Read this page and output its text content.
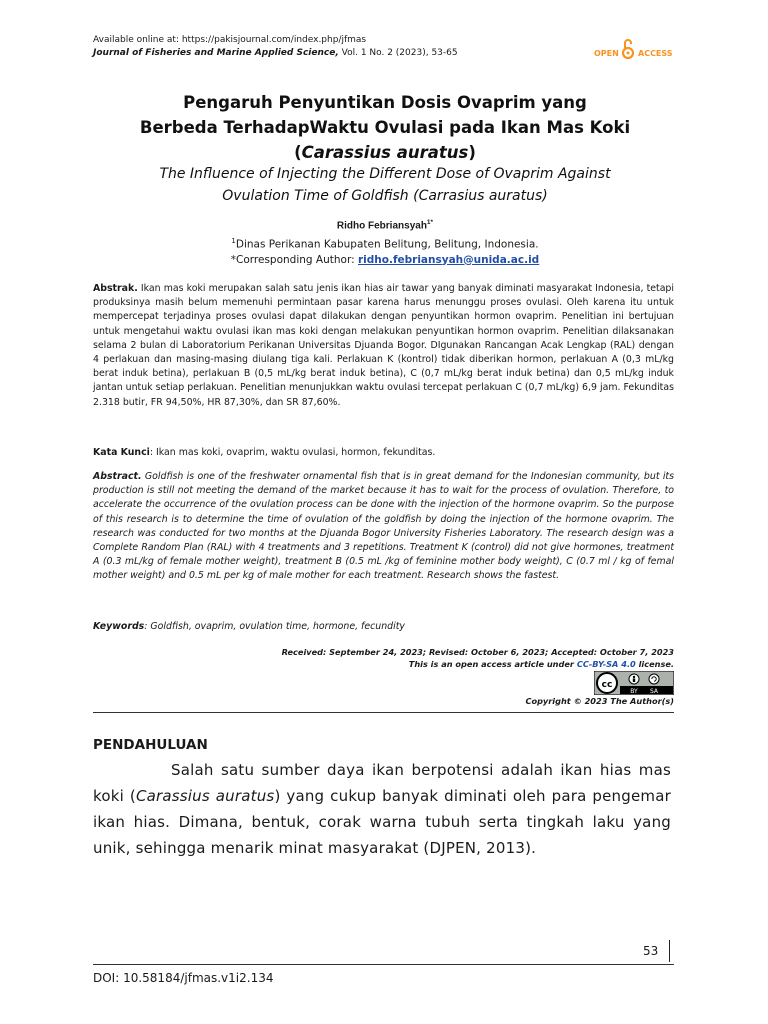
Available online at: https://pakisjournal.com/index.php/jfmas
Journal of Fisheries and Marine Applied Science, Vol. 1 No. 2 (2023), 53-65	OPEN ACCESS
Pengaruh Penyuntikan Dosis Ovaprim yang
Berbeda TerhadapWaktu Ovulasi pada Ikan Mas Koki
(Carassius auratus)
The Influence of Injecting the Different Dose of Ovaprim Against
Ovulation Time of Goldfish (Carrasius auratus)
Ridho Febriansyah$^{1*}$
$^1$Dinas Perikanan Kabupaten Belitung, Belitung, Indonesia.
*Corresponding Author: ridho.febriansyah@unida.ac.id
Abstrak. Ikan mas koki merupakan salah satu jenis ikan hias air tawar yang banyak diminati masyarakat Indonesia, tetapi produksinya masih belum memenuhi permintaan pasar karena harus menunggu proses ovulasi. Oleh karena itu untuk mempercepat terjadinya proses ovulasi dapat dilakukan dengan penyuntikan hormon ovaprim. Penelitian ini bertujuan untuk mengetahui waktu ovulasi ikan mas koki dengan melakukan penyuntikan hormon ovaprim. Penelitian dilaksanakan selama 2 bulan di Laboratorium Perikanan Universitas Djuanda Bogor. DIgunakan Rancangan Acak Lengkap (RAL) dengan 4 perlakuan dan masing-masing diulang tiga kali. Perlakuan K (kontrol) tidak diberikan hormon, perlakuan A (0,3 mL/kg berat induk betina), perlakuan B (0,5 mL/kg berat induk betina), C (0,7 mL/kg berat induk betina) dan 0,5 mL/kg induk jantan untuk setiap perlakuan. Penelitian menunjukkan waktu ovulasi tercepat perlakuan C (0,7 mL/kg) 6,9 jam. Fekunditas 2.318 butir, FR 94,50%, HR 87,30%, dan SR 87,60%.
Kata Kunci: Ikan mas koki, ovaprim, waktu ovulasi, hormon, fekunditas.
Abstract. Goldfish is one of the freshwater ornamental fish that is in great demand for the Indonesian community, but its production is still not meeting the demand of the market because it has to wait for the process of ovulation. Therefore, to accelerate the occurrence of the ovulation process can be done with the injection of the hormone ovaprim. So the purpose of this research is to determine the time of ovulation of the goldfish by doing the injection of the hormone ovaprim. The research was conducted for two months at the Djuanda Bogor University Fisheries Laboratory. The research design was a Complete Random Plan (RAL) with 4 treatments and 3 repetitions. Treatment K (control) did not give hormones, treatment A (0.3 mL/kg of female mother weight), treatment B (0.5 mL /kg of feminine mother body weight), C (0.7 ml / kg of femal mother weight) and 0.5 mL per kg of male mother for each treatment. Research shows the fastest.
Keywords: Goldfish, ovaprim, ovulation time, hormone, fecundity
Received: September 24, 2023; Revised: October 6, 2023; Accepted: October 7, 2023
This is an open access article under CC-BY-SA 4.0 license.
cc
BY SA
Copyright © 2023 The Author(s)
PENDAHULUAN
Salah satu sumber daya ikan berpotensi adalah ikan hias mas koki (Carassius auratus) yang cukup banyak diminati oleh para pengemar ikan hias. Dimana, bentuk, corak warna tubuh serta tingkah laku yang unik, sehingga menarik minat masyarakat (DJPEN, 2013).
53
DOI: 10.58184/jfmas.v1i2.134
